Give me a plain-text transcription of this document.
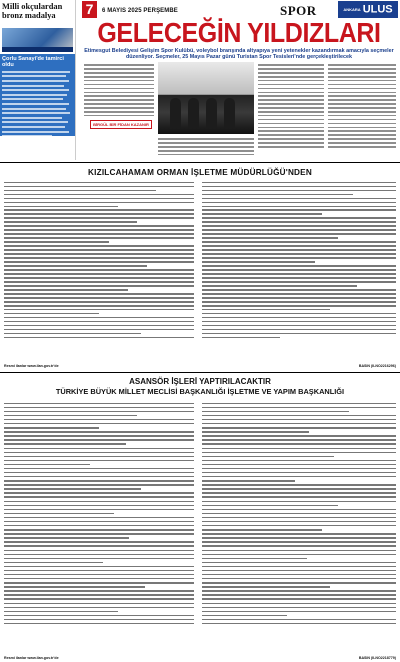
Milli okçulardan bronz madalya

Çorlu Sanayi'de tamirci oldu
7	6 MAYIS 2025 PERŞEMBE	SPOR	ANKARA ULUS
GELECEĞİN YILDIZLARI
Etimesgut Belediyesi Gelişim Spor Kulübü, voleybol branşında altyapıya yeni yetenekler kazandırmak amacıyla seçmeler düzenliyor. Seçmeler, 25 Mayıs Pazar günü Turistan Spor Tesisleri'nde gerçekleştirilecek
BİRGÜL BİR FİDAN KAZANIR
KIZILCAHAMAM ORMAN İŞLETME MÜDÜRLÜĞÜ'NDEN
Resmi ilanlar www.ilan.gov.tr'de	BASIN (ILNO2216296)
ASANSÖR İŞLERİ YAPTIRILACAKTIR
TÜRKİYE BÜYÜK MİLLET MECLİSİ BAŞKANLIĞI İŞLETME VE YAPIM BAŞKANLIĞI
Resmi ilanlar www.ilan.gov.tr'de	BASIN (ILNO2218779)
